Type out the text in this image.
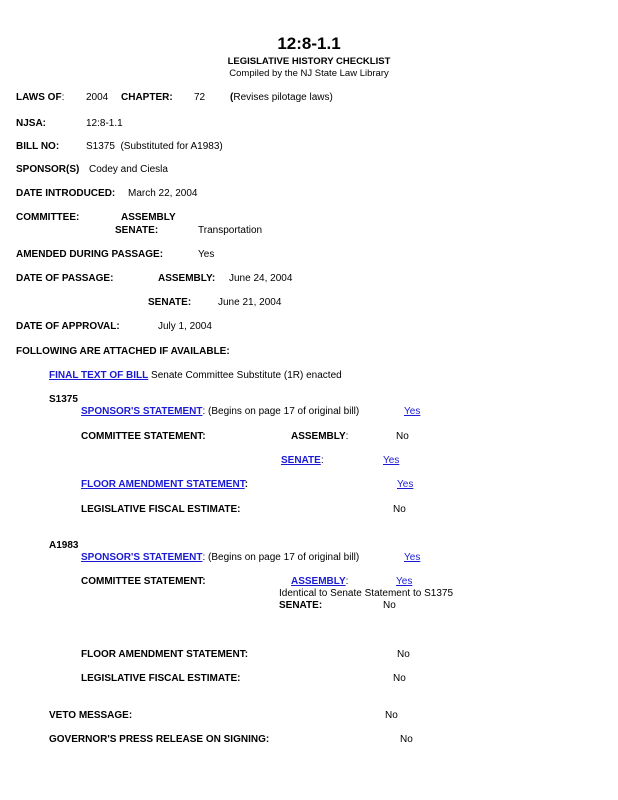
12:8-1.1
LEGISLATIVE HISTORY CHECKLIST
Compiled by the NJ State Law Library
LAWS OF: 2004 CHAPTER: 72 (Revises pilotage laws)
NJSA:	12:8-1.1
BILL NO:	S1375  (Substituted for A1983)
SPONSOR(S) Codey and Ciesla
DATE INTRODUCED: March 22, 2004
COMMITTEE:	ASSEMBLY
SENATE:	Transportation
AMENDED DURING PASSAGE:	Yes
DATE OF PASSAGE:	ASSEMBLY: June 24, 2004
SENATE:	June 21, 2004
DATE OF APPROVAL:	July 1, 2004
FOLLOWING ARE ATTACHED IF AVAILABLE:
FINAL TEXT OF BILL Senate Committee Substitute (1R) enacted
S1375
SPONSOR'S STATEMENT: (Begins on page 17 of original bill)	Yes
COMMITTEE STATEMENT:	ASSEMBLY:	No
SENATE:	Yes
FLOOR AMENDMENT STATEMENT:	Yes
LEGISLATIVE FISCAL ESTIMATE:	No
A1983
SPONSOR'S STATEMENT: (Begins on page 17 of original bill)	Yes
COMMITTEE STATEMENT:	ASSEMBLY:	Yes
Identical to Senate Statement to S1375
SENATE:	No
FLOOR AMENDMENT STATEMENT:	No
LEGISLATIVE FISCAL ESTIMATE:	No
VETO MESSAGE:	No
GOVERNOR'S PRESS RELEASE ON SIGNING:	No
